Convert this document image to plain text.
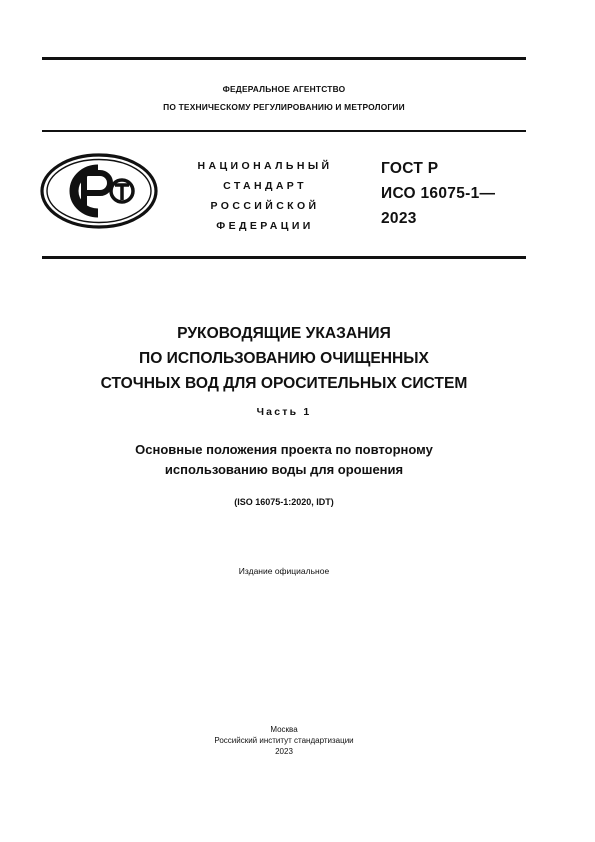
ФЕДЕРАЛЬНОЕ АГЕНТСТВО
ПО ТЕХНИЧЕСКОМУ РЕГУЛИРОВАНИЮ И МЕТРОЛОГИИ
НАЦИОНАЛЬНЫЙ
СТАНДАРТ
РОССИЙСКОЙ
ФЕДЕРАЦИИ
ГОСТ Р
ИСО 16075-1—
2023
РУКОВОДЯЩИЕ УКАЗАНИЯ
ПО ИСПОЛЬЗОВАНИЮ ОЧИЩЕННЫХ
СТОЧНЫХ ВОД ДЛЯ ОРОСИТЕЛЬНЫХ СИСТЕМ
Часть 1
Основные положения проекта по повторному
использованию воды для орошения
(ISO 16075-1:2020, IDT)
Издание официальное
Москва
Российский институт стандартизации
2023
